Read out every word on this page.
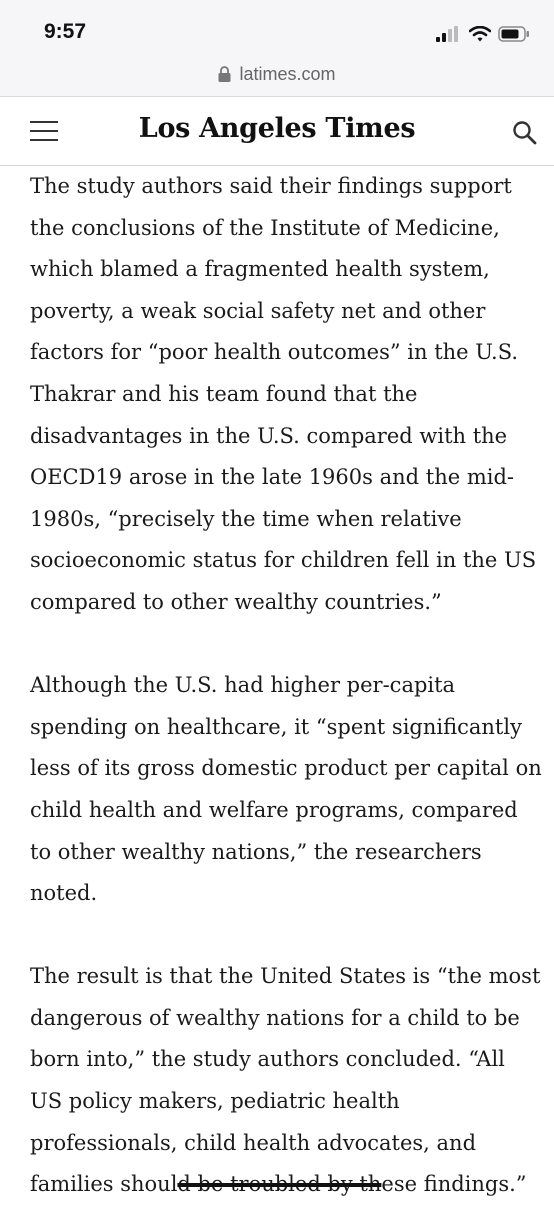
9:57
latimes.com
Los Angeles Times
The study authors said their findings support
the conclusions of the Institute of Medicine,
which blamed a fragmented health system,
poverty, a weak social safety net and other
factors for “poor health outcomes” in the U.S.
Thakrar and his team found that the
disadvantages in the U.S. compared with the
OECD19 arose in the late 1960s and the mid-
1980s, “precisely the time when relative
socioeconomic status for children fell in the US
compared to other wealthy countries.”
Although the U.S. had higher per-capita
spending on healthcare, it “spent significantly
less of its gross domestic product per capital on
child health and welfare programs, compared
to other wealthy nations,” the researchers
noted.
The result is that the United States is “the most
dangerous of wealthy nations for a child to be
born into,” the study authors concluded. “All
US policy makers, pediatric health
professionals, child health advocates, and
families should be troubled by these findings.”
